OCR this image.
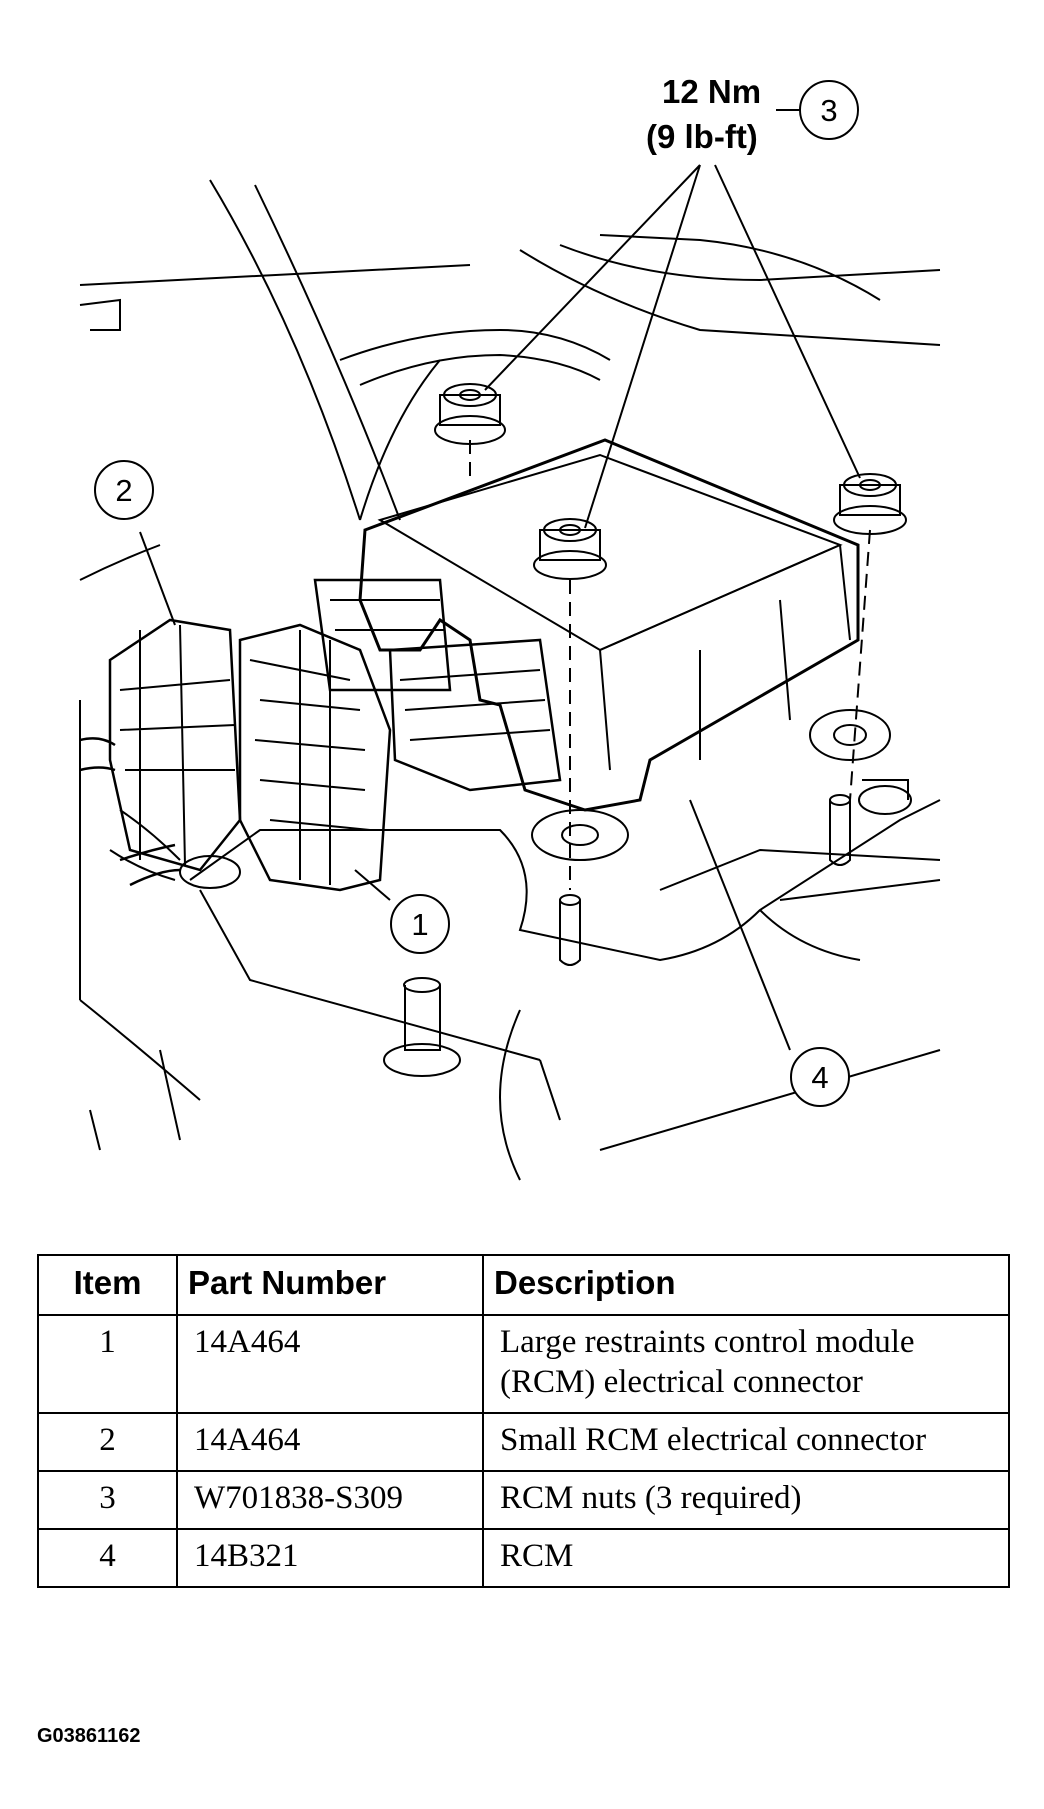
12 Nm
(9 lb-ft)
3
2
1
4
Item	Part Number	Description
1	14A464	Large restraints control module (RCM) electrical connector
2	14A464	Small RCM electrical connector
3	W701838-S309	RCM nuts (3 required)
4	14B321	RCM
G03861162
